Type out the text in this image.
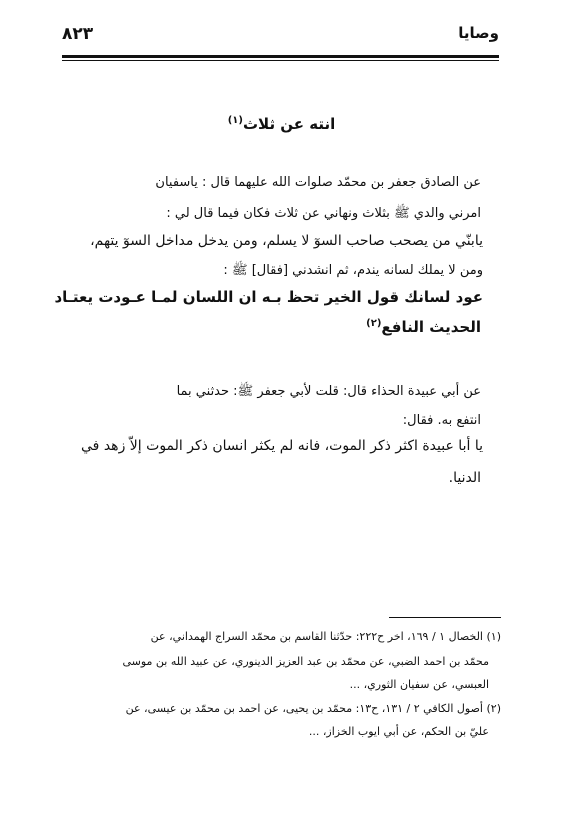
وصايا
٨٢٣
انته عن ثلاث$^{(١)}$
عن الصادق جعفر بن محمّد صلوات الله عليهما قال : ياسفيان
امرني والدي ﷺ بثلاث ونهاني عن ثلاث فكان فيما قال لي :
يابنّي من يصحب صاحب السوٓ لا يسلم، ومن يدخل مداخل السوٓ يتهم،
ومن لا يملك لسانه يندم، ثم انشدني [فقال] ﷺ :
عود لسانك قول الخير تحظ بـه ان اللسان لمـا عـودت يعتـاد
الحديث النافع$^{(٢)}$
عن أبي عبيدة الحذاء قال: قلت لأبي جعفر ﷺ: حدثني بما
انتفع به. فقال:
يا أبا عبيدة اكثر ذكر الموت، فانه لم يكثر انسان ذكر الموت إلاّ زهد في
الدنيا.
(١) الخصال ١ / ١٦٩، اخر ح٢٢٢: حدّثنا القاسم بن محمّد السراج الهمداني، عن
محمّد بن احمد الضبي، عن محمّد بن عبد العزيز الدينوري، عن عبيد الله بن موسى
العبسي، عن سفيان الثوري، ...
(٢) أصول الكافي ٢ / ١٣١، ح١٣: محمّد بن يحيى، عن احمد بن محمّد بن عيسى، عن
عليّ بن الحكم، عن أبي ايوب الخزاز، ...
